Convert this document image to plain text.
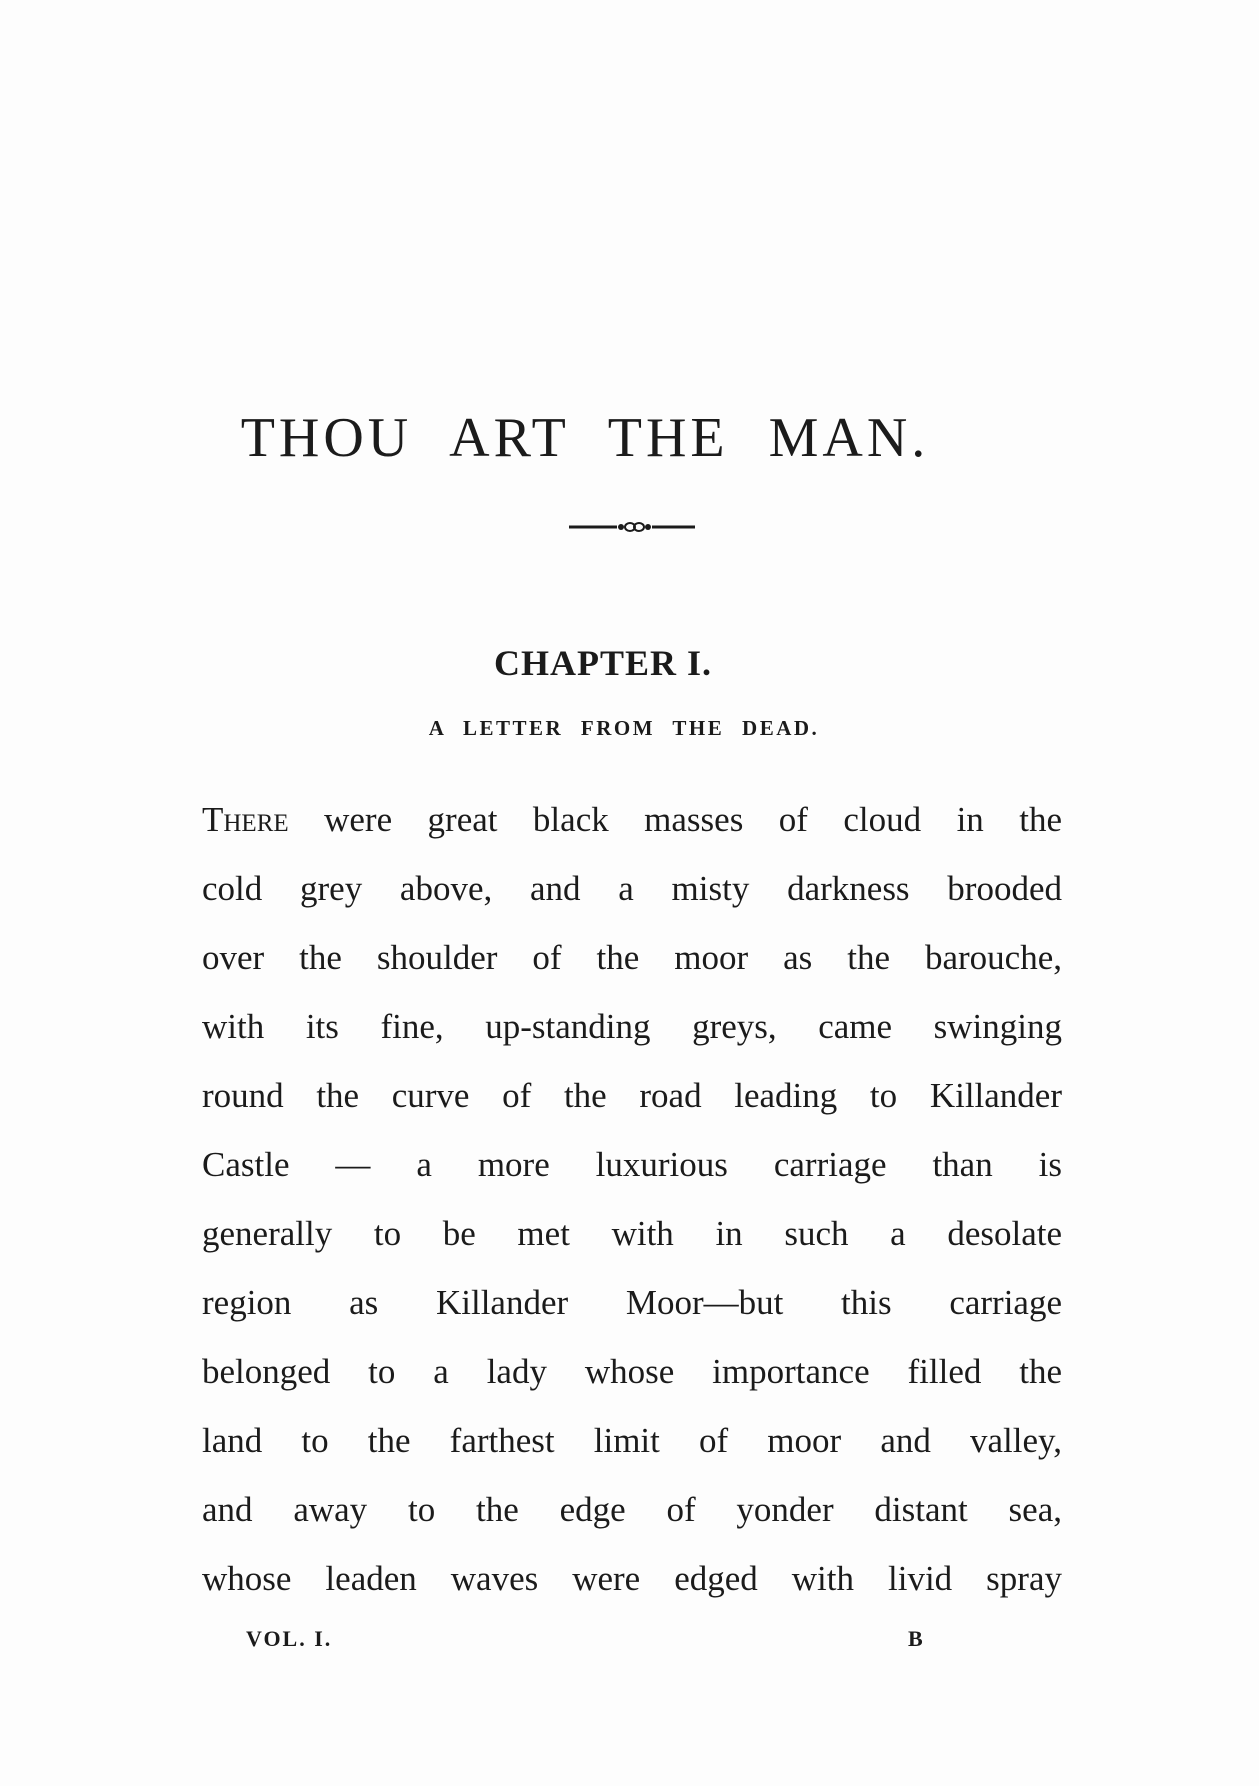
THOU ART THE MAN.
CHAPTER I.
A LETTER FROM THE DEAD.
There were great black masses of cloud in the
cold grey above, and a misty darkness brooded
over the shoulder of the moor as the barouche,
with its fine, up-standing greys, came swinging
round the curve of the road leading to Killander
Castle — a more luxurious carriage than is
generally to be met with in such a desolate
region as Killander Moor—but this carriage
belonged to a lady whose importance filled the
land to the farthest limit of moor and valley,
and away to the edge of yonder distant sea,
whose leaden waves were edged with livid spray
VOL. I.	B
